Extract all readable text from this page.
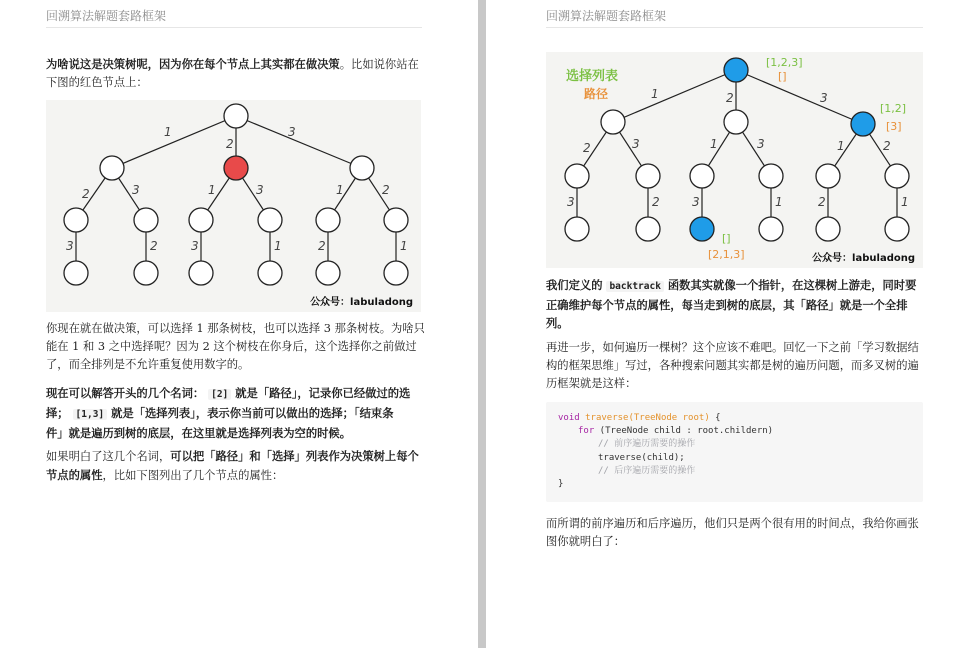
回溯算法解题套路框架

为啥说这是决策树呢，因为你在每个节点上其实都在做决策。比如说你站在
下图的红色节点上：

1
2
3
2	3	1	3	1	2
3	2	3	1	2	1
公众号：labuladong

你现在就在做决策，可以选择 1 那条树枝，也可以选择 3 那条树枝。为啥只
能在 1 和 3 之中选择呢？因为 2 这个树枝在你身后，这个选择你之前做过
了，而全排列是不允许重复使用数字的。

现在可以解答开头的几个名词： [2] 就是「路径」，记录你已经做过的选
择； [1,3] 就是「选择列表」，表示你当前可以做出的选择；「结束条
件」就是遍历到树的底层，在这里就是选择列表为空的时候。

如果明白了这几个名词，可以把「路径」和「选择」列表作为决策树上每个
节点的属性，比如下图列出了几个节点的属性：

回溯算法解题套路框架
1	2	3
2	3	1	3	1	2
3	2	3	1	2	1
选择列表
路径
[1,2,3]
[]
[1,2]
[3]
[]
[2,1,3]	公众号：labuladong

我们定义的 backtrack 函数其实就像一个指针，在这棵树上游走，同时要
正确维护每个节点的属性，每当走到树的底层，其「路径」就是一个全排
列。

再进一步，如何遍历一棵树？这个应该不难吧。回忆一下之前「学习数据结
构的框架思维」写过，各种搜索问题其实都是树的遍历问题，而多叉树的遍
历框架就是这样：

void traverse(TreeNode root) {
for (TreeNode child : root.childern)
// 前序遍历需要的操作
traverse(child);
// 后序遍历需要的操作
}

而所谓的前序遍历和后序遍历，他们只是两个很有用的时间点，我给你画张
图你就明白了：
